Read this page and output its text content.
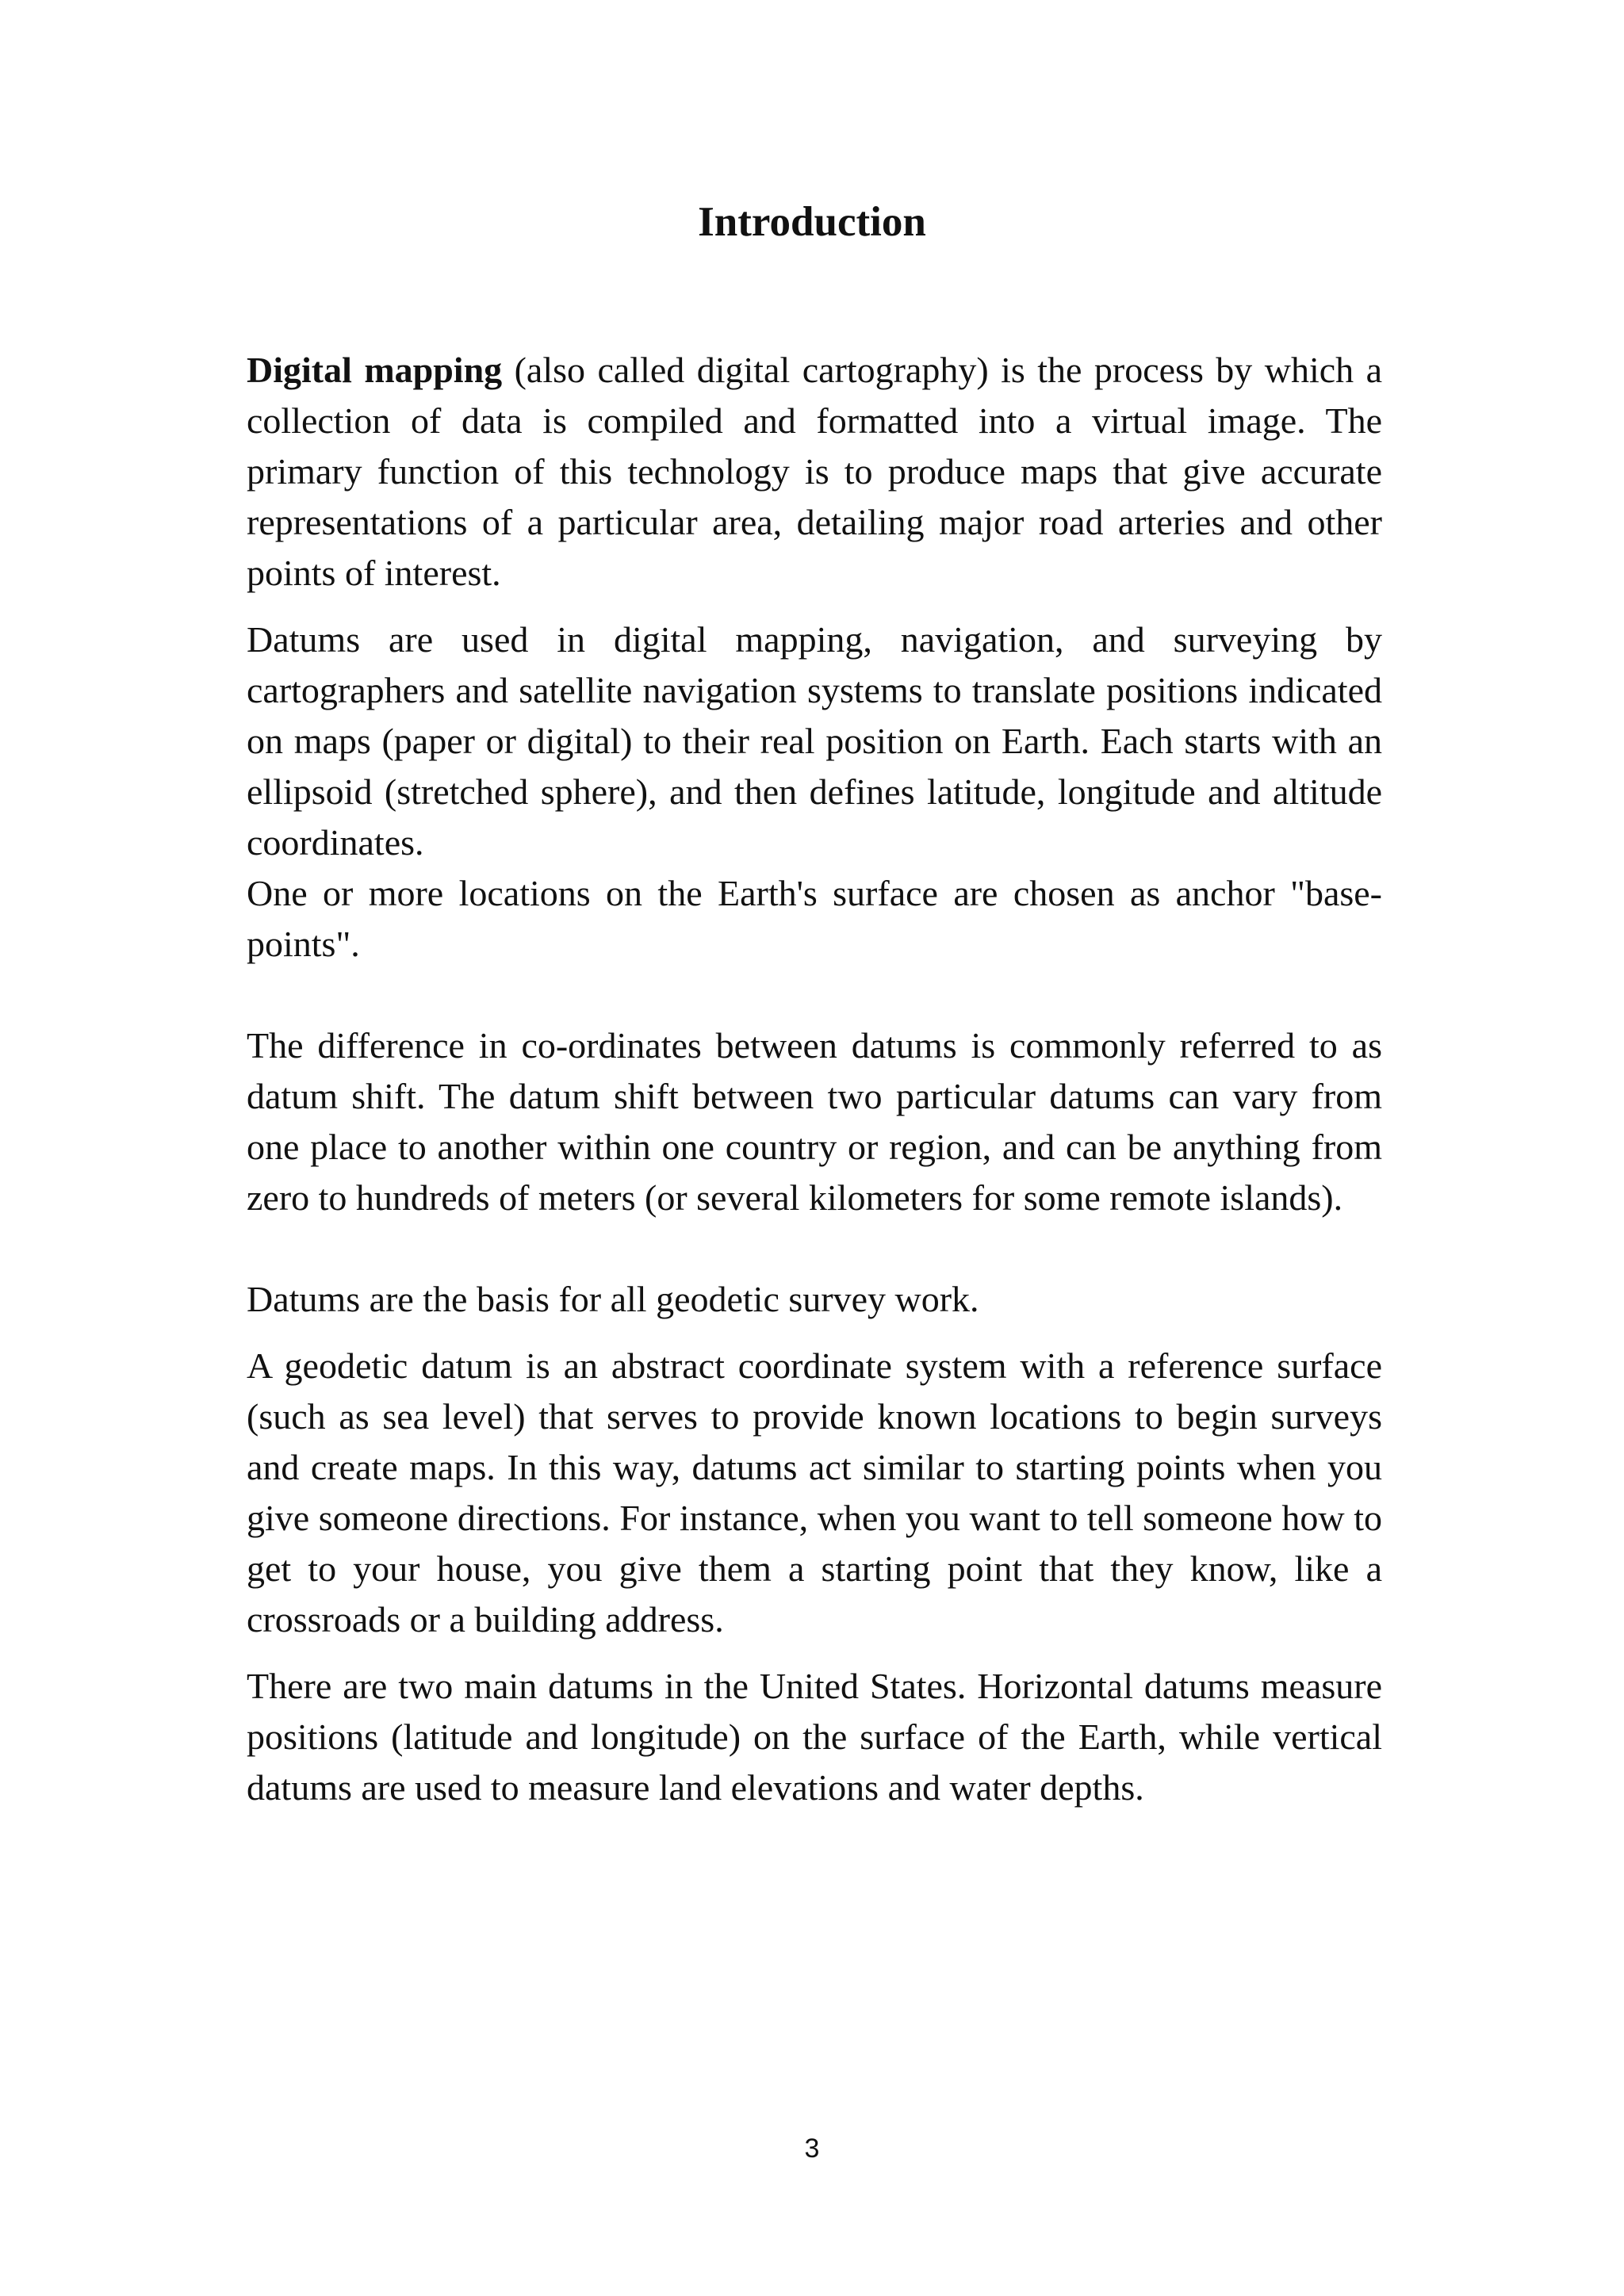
Introduction

Digital mapping (also called digital cartography) is the process by which a collection of data is compiled and formatted into a virtual image. The primary function of this technology is to produce maps that give accurate representations of a particular area, detailing major road arteries and other points of interest.

Datums are used in digital mapping, navigation, and surveying by cartographers and satellite navigation systems to translate positions indicated on maps (paper or digital) to their real position on Earth. Each starts with an ellipsoid (stretched sphere), and then defines latitude, longitude and altitude coordinates.

One or more locations on the Earth's surface are chosen as anchor "base-points".

The difference in co-ordinates between datums is commonly referred to as datum shift. The datum shift between two particular datums can vary from one place to another within one country or region, and can be anything from zero to hundreds of meters (or several kilometers for some remote islands).

Datums are the basis for all geodetic survey work.

A geodetic datum is an abstract coordinate system with a reference surface (such as sea level) that serves to provide known locations to begin surveys and create maps. In this way, datums act similar to starting points when you give someone directions. For instance, when you want to tell someone how to get to your house, you give them a starting point that they know, like a crossroads or a building address.

There are two main datums in the United States. Horizontal datums measure positions (latitude and longitude) on the surface of the Earth, while vertical datums are used to measure land elevations and water depths.

3
